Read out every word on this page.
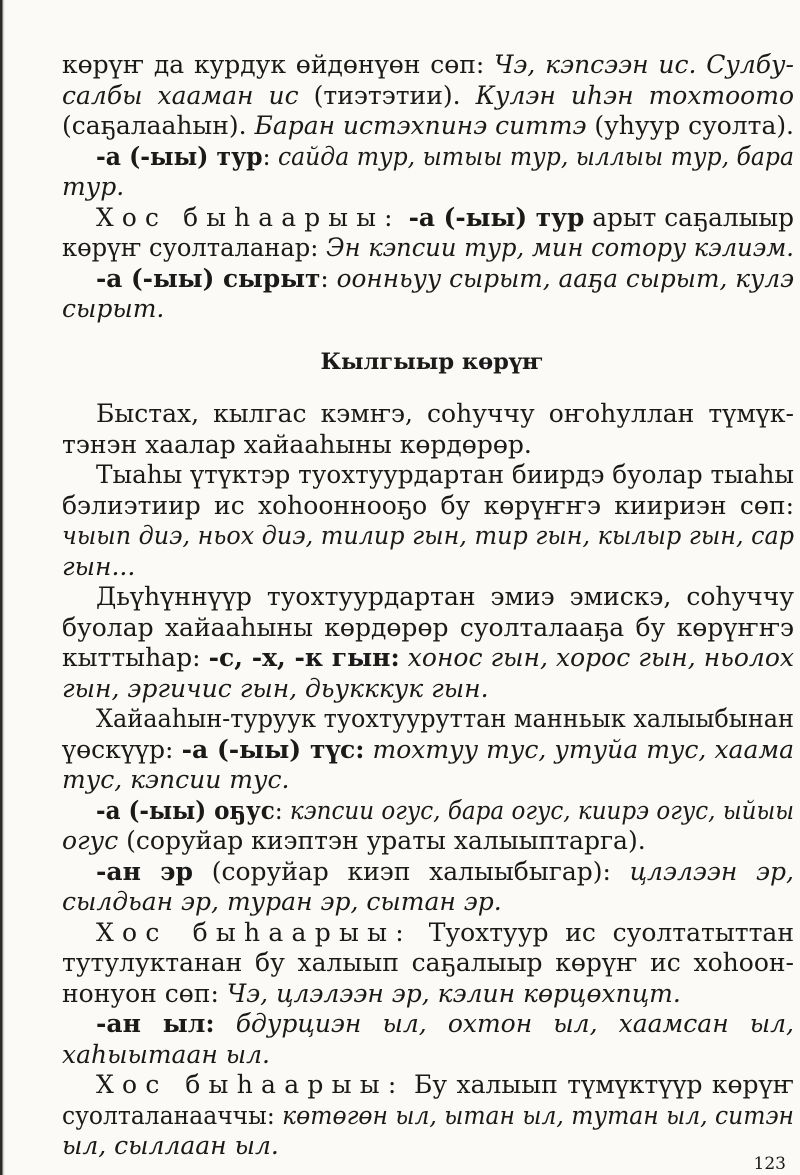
көрүҥ да курдук өйдөнүөн сөп: Чэ, кэпсээн ис. Сулбу-
салбы хааман ис (тиэтэтии). Кулэн иһэн тохтоото
(саҕалааһын). Баран истэхпинэ ситтэ (уһуур суолта).
-а (-ыы) тур: сайда тур, ытыы тур, ыллыы тур, бара
тур.
Хос быһаарыы: -а (-ыы) тур арыт саҕалыыр
көрүҥ суолталанар: Эн кэпсии тур, мин сотору кэлиэм.
-а (-ыы) сырыт: оонньуу сырыт, ааҕа сырыт, кулэ
сырыт.
Кылгыыр көрүҥ
Быстах, кылгас кэмҥэ, соһуччу оҥоһуллан түмүк-
тэнэн хаалар хайааһыны көрдөрөр.
Тыаһы үтүктэр туохтуурдартан биирдэ буолар тыаһы
бэлиэтиир ис хоһооннооҕо бу көрүҥҥэ киириэн сөп:
чыып диэ, ньох диэ, тилир гын, тир гын, кылыр гын, сар
гын...
Дьүһүннүүр туохтуурдартан эмиэ эмискэ, соһуччу
буолар хайааһыны көрдөрөр суолталааҕа бу көрүҥҥэ
кыттыһар: -с, -х, -к гын: хонос гын, хорос гын, ньолох
гын, эргичис гын, дьукккук гын.
Хайааһын-туруук туохтууруттан манньык халыыбынан
үөскүүр: -а (-ыы) түс: тохтуу туc, утуйа туc, хаама
туc, кэпсии туc.
-а (-ыы) оҕус: кэпсии огус, бара огус, киирэ огус, ыйыы
огус (соруйар киэптэн ураты халыыптарга).
-ан эр (соруйар киэп халыыбыгар): цлэлээн эр,
сылдьан эр, туран эр, сытан эр.
Хос быһаарыы: Туохтуур ис суолтатыттан
тутулуктанан бу халыып саҕалыыр көрүҥ ис хоһоон-
нонуон сөп: Чэ, цлэлээн эр, кэлин көрцөхпцт.
-ан ыл: бдурциэн ыл, охтон ыл, хаамсан ыл,
хаһыытаан ыл.
Хос быһаарыы: Бу халыып түмүктүүр көрүҥ
суолталанааччы: көтөгөн ыл, ытан ыл, тутан ыл, ситэн
ыл, сыллаан ыл.
123
